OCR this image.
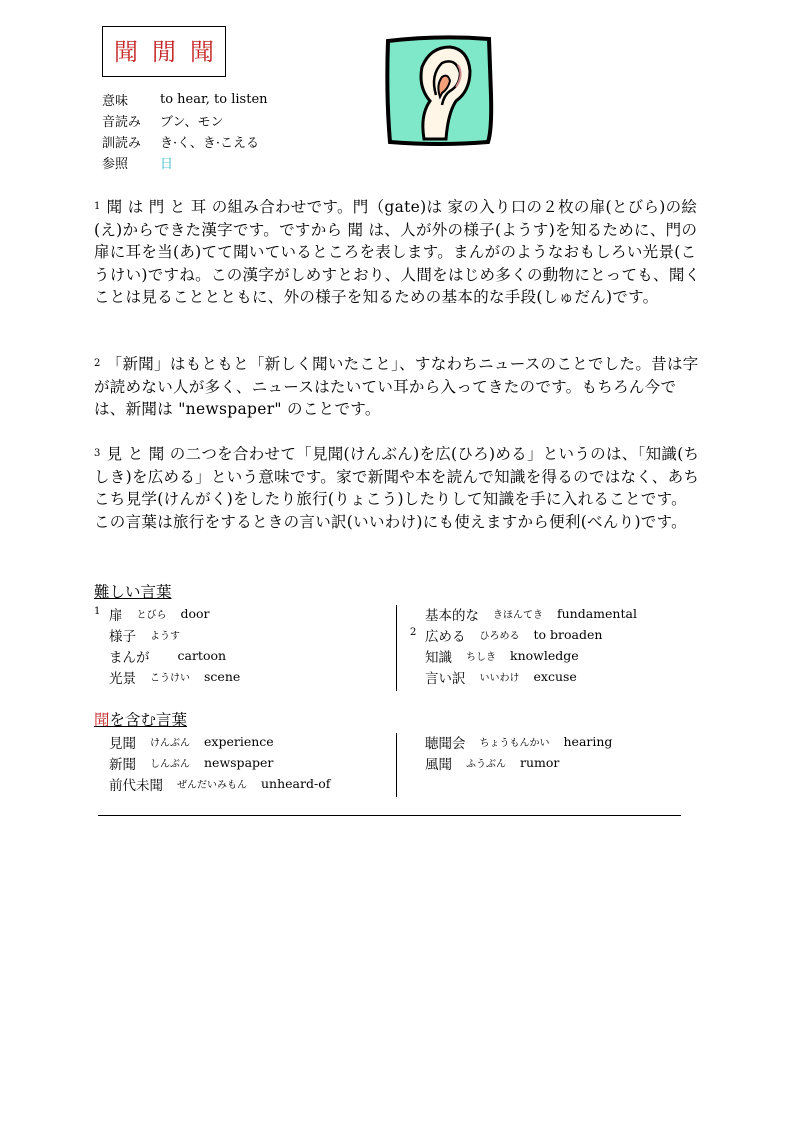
聞 閒 聞
意味	to hear, to listen
音読み	ブン、モン
訓読み	き·く、き·こえる
参照	日
$^1$ 聞 は 門 と 耳 の組み合わせです。門（gate)は 家の入り口の２枚の扉(とびら)の絵(え)からできた漢字です。ですから 聞 は、人が外の様子(ようす)を知るために、門の扉に耳を当(あ)てて聞いているところを表します。まんがのようなおもしろい光景(こうけい)ですね。この漢字がしめすとおり、人間をはじめ多くの動物にとっても、聞くことは見ることとともに、外の様子を知るための基本的な手段(しゅだん)です。
$^2$ 「新聞」はもともと「新しく聞いたこと」、すなわちニュースのことでした。昔は字が読めない人が多く、ニュースはたいてい耳から入ってきたのです。もちろん今では、新聞は "newspaper" のことです。
$^3$ 見 と 聞 の二つを合わせて「見聞(けんぶん)を広(ひろ)める」というのは、「知識(ちしき)を広める」という意味です。家で新聞や本を読んで知識を得るのではなく、あちこち見学(けんがく)をしたり旅行(りょこう)したりして知識を手に入れることです。この言葉は旅行をするときの言い訳(いいわけ)にも使えますから便利(べんり)です。
難しい言葉
1 扉 とびら door
様子 ようす
まんが cartoon
光景 こうけい scene
基本的な きほんてき fundamental
2 広める ひろめる to broaden
知識 ちしき knowledge
言い訳 いいわけ excuse
聞を含む言葉
見聞 けんぶん experience
新聞 しんぶん newspaper
前代未聞 ぜんだいみもん unheard-of
聴聞会 ちょうもんかい hearing
風聞 ふうぶん rumor
